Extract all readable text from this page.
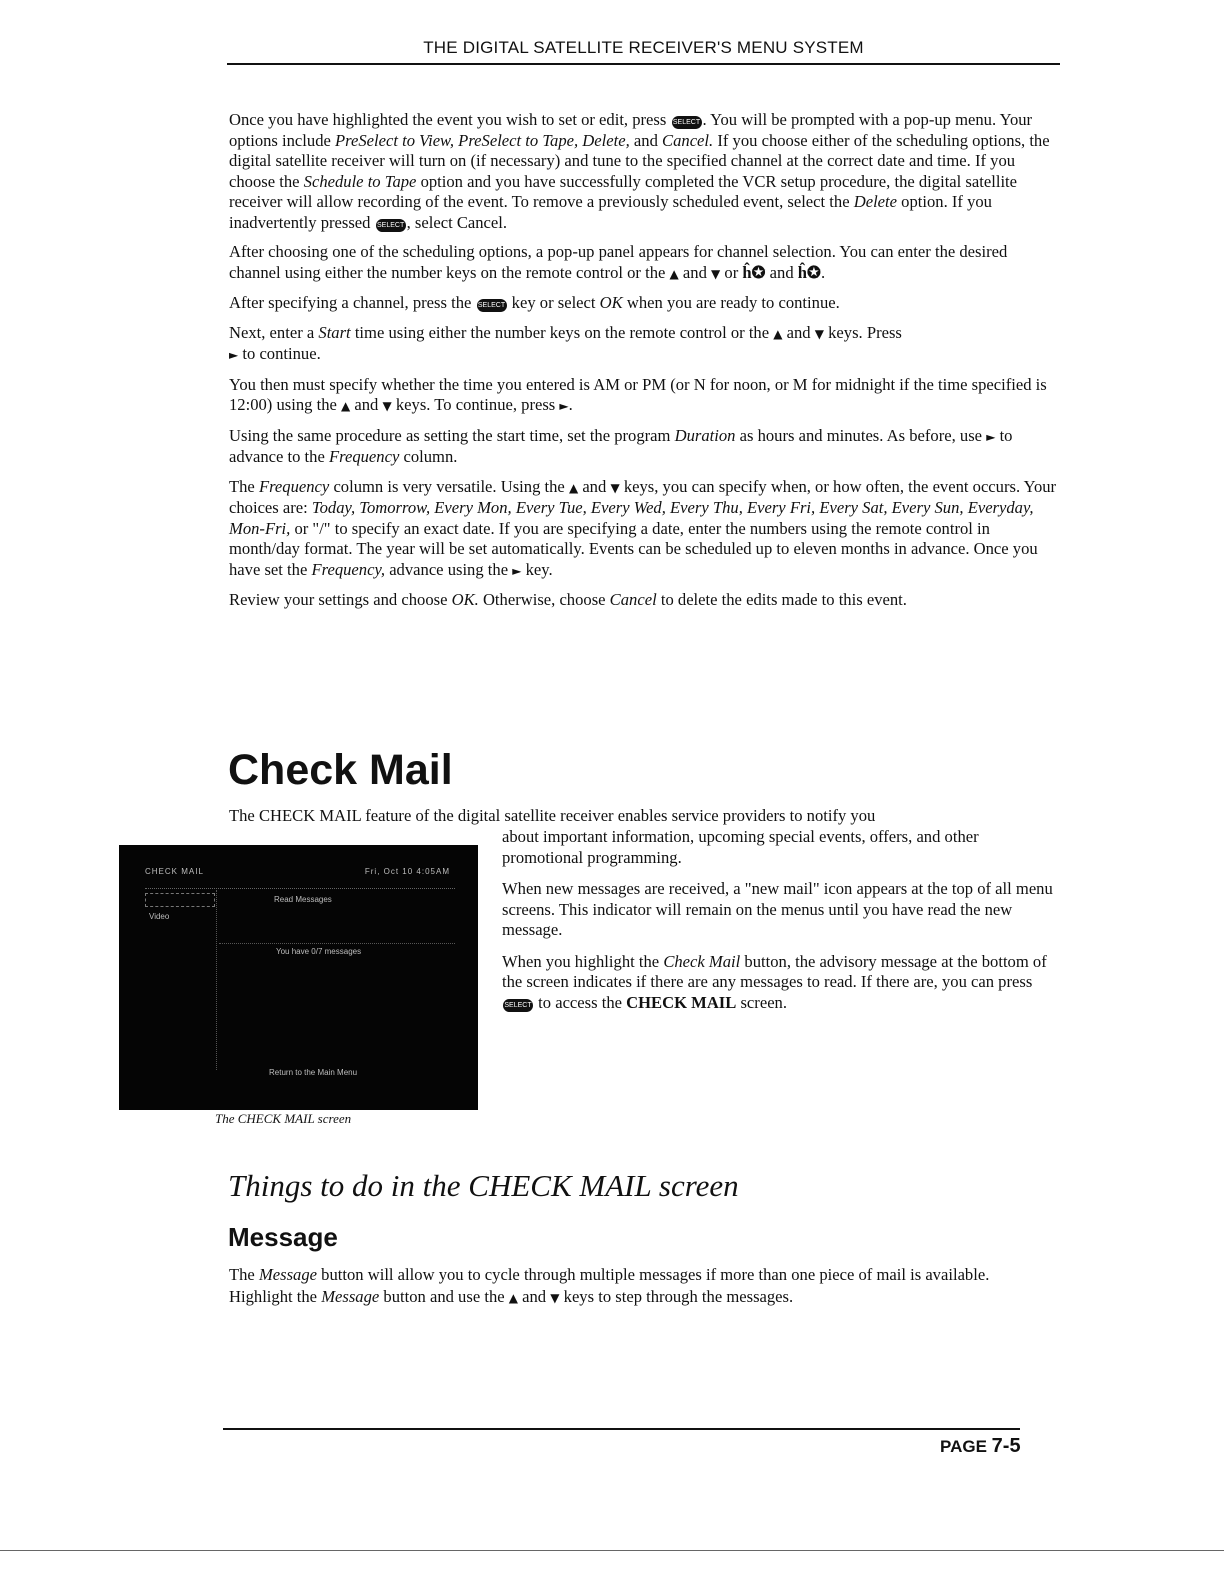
THE DIGITAL SATELLITE RECEIVER'S MENU SYSTEM

Once you have highlighted the event you wish to set or edit, press SELECT . You will be prompted with a pop-up menu. Your options include PreSelect to View, PreSelect to Tape, Delete, and Cancel. If you choose either of the scheduling options, the digital satellite receiver will turn on (if necessary) and tune to the specified channel at the correct date and time. If you choose the Schedule to Tape option and you have successfully completed the VCR setup procedure, the digital satellite receiver will allow recording of the event. To remove a previously scheduled event, select the Delete option. If you inadvertently pressed SELECT , select Cancel.

After choosing one of the scheduling options, a pop-up panel appears for channel selection. You can enter the desired channel using either the number keys on the remote control or the ▲ and ▼ or ĥ✪ and ĥ✪.

After specifying a channel, press the SELECT key or select OK when you are ready to continue.

Next, enter a Start time using either the number keys on the remote control or the ▲ and ▼ keys. Press
► to continue.

You then must specify whether the time you entered is AM or PM (or N for noon, or M for midnight if the time specified is 12:00) using the ▲ and ▼ keys. To continue, press ►.

Using the same procedure as setting the start time, set the program Duration as hours and minutes. As before, use ► to advance to the Frequency column.

The Frequency column is very versatile. Using the ▲ and ▼ keys, you can specify when, or how often, the event occurs. Your choices are: Today, Tomorrow, Every Mon, Every Tue, Every Wed, Every Thu, Every Fri, Every Sat, Every Sun, Everyday, Mon-Fri, or "/" to specify an exact date. If you are specifying a date, enter the numbers using the remote control in month/day format. The year will be set automatically. Events can be scheduled up to eleven months in advance. Once you have set the Frequency, advance using the ► key.

Review your settings and choose OK. Otherwise, choose Cancel to delete the edits made to this event.

Check Mail
The CHECK MAIL feature of the digital satellite receiver enables service providers to notify you

about important information, upcoming special events, offers, and other promotional programming.

When new messages are received, a "new mail" icon appears at the top of all menu screens. This indicator will remain on the menus until you have read the new message.

When you highlight the Check Mail button, the advisory message at the bottom of the screen indicates if there are any messages to read. If there are, you can press SELECT to access the CHECK MAIL screen.

CHECK MAIL	Fri, Oct 10 4:05AM
Video
Read Messages
You have 0/7 messages
Return to the Main Menu
The CHECK MAIL screen
Things to do in the CHECK MAIL screen
Message
The Message button will allow you to cycle through multiple messages if more than one piece of mail is available. Highlight the Message button and use the ▲ and ▼ keys to step through the messages.
PAGE 7-5
